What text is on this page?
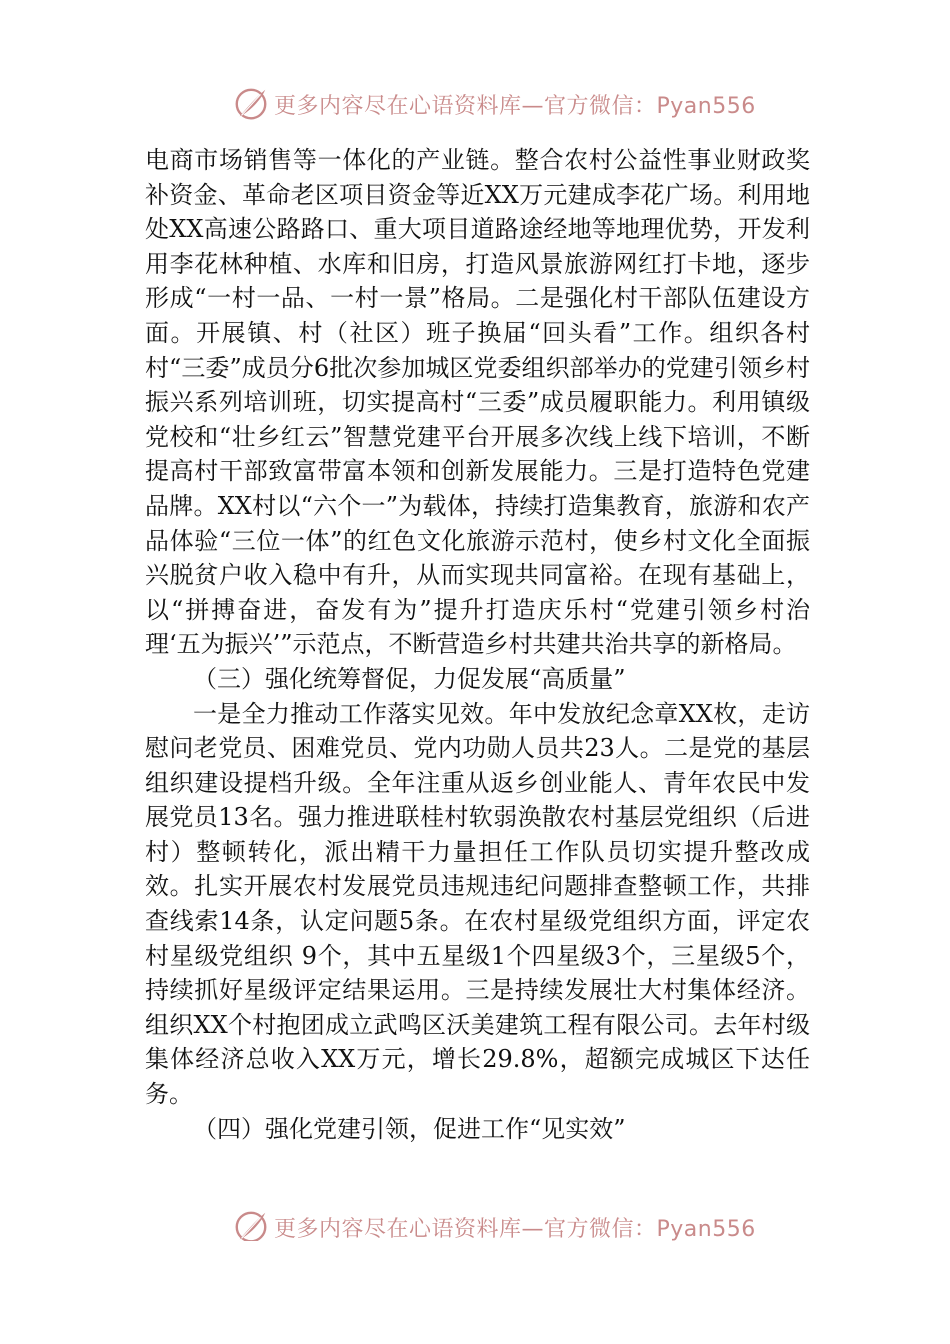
更多内容尽在心语资料库—官方微信：Pyan556

电商市场销售等一体化的产业链。整合农村公益性事业财政奖补资金、革命老区项目资金等近XX万元建成李花广场。利用地处XX高速公路路口、重大项目道路途经地等地理优势，开发利用李花林种植、水库和旧房，打造风景旅游网红打卡地，逐步形成“一村一品、一村一景”格局。二是强化村干部队伍建设方面。开展镇、村（社区）班子换届“回头看”工作。组织各村村“三委”成员分6批次参加城区党委组织部举办的党建引领乡村振兴系列培训班，切实提高村“三委”成员履职能力。利用镇级党校和“壮乡红云”智慧党建平台开展多次线上线下培训，不断提高村干部致富带富本领和创新发展能力。三是打造特色党建品牌。XX村以“六个一”为载体，持续打造集教育，旅游和农产品体验“三位一体”的红色文化旅游示范村，使乡村文化全面振兴脱贫户收入稳中有升，从而实现共同富裕。在现有基础上，以“拼搏奋进，奋发有为”提升打造庆乐村“党建引领乡村治理‘五为振兴’”示范点，不断营造乡村共建共治共享的新格局。

（三）强化统筹督促，力促发展“高质量”

一是全力推动工作落实见效。年中发放纪念章XX枚，走访慰问老党员、困难党员、党内功勋人员共23人。二是党的基层组织建设提档升级。全年注重从返乡创业能人、青年农民中发展党员13名。强力推进联桂村软弱涣散农村基层党组织（后进村）整顿转化，派出精干力量担任工作队员切实提升整改成效。扎实开展农村发展党员违规违纪问题排查整顿工作，共排查线索14条，认定问题5条。在农村星级党组织方面，评定农村星级党组织 9个，其中五星级1个四星级3个，三星级5个，持续抓好星级评定结果运用。三是持续发展壮大村集体经济。组织XX个村抱团成立武鸣区沃美建筑工程有限公司。去年村级集体经济总收入XX万元，增长29.8%，超额完成城区下达任务。

（四）强化党建引领，促进工作“见实效”

更多内容尽在心语资料库—官方微信：Pyan556
